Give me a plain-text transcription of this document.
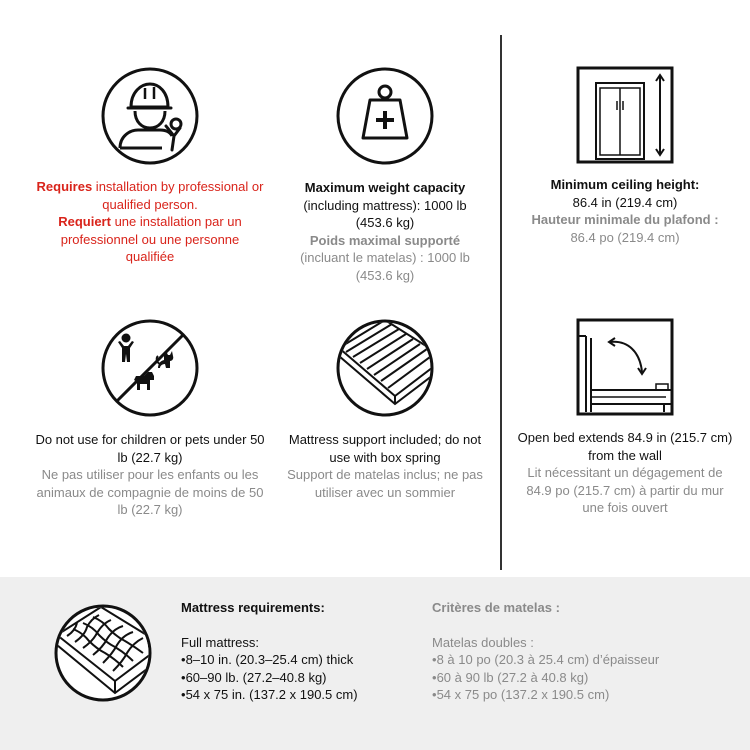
Requires installation by professional or qualified person.
Requiert une installation par un professionnel ou une personne qualifiée
Maximum weight capacity
(including mattress): 1000 lb (453.6 kg)
Poids maximal supporté
(incluant le matelas) : 1000 lb (453.6 kg)
Minimum ceiling height:
86.4 in (219.4 cm)
Hauteur minimale du plafond :
86.4 po (219.4 cm)
Do not use for children or pets under 50 lb (22.7 kg)
Ne pas utiliser pour les enfants ou les animaux de compagnie de moins de 50 lb (22.7 kg)
Mattress support included; do not use with box spring
Support de matelas inclus; ne pas utiliser avec un sommier
Open bed extends 84.9 in (215.7 cm) from the wall
Lit nécessitant un dégagement de 84.9 po (215.7 cm) à partir du mur une fois ouvert
Mattress requirements:
Full mattress:
• 8–10 in. (20.3–25.4 cm) thick
• 60–90 lb. (27.2–40.8 kg)
• 54 x 75 in. (137.2 x 190.5 cm)
Critères de matelas :
Matelas doubles :
• 8 à 10 po (20.3 à 25.4 cm) d’épaisseur
• 60 à 90 lb (27.2 à 40.8 kg)
• 54 x 75 po (137.2 x 190.5 cm)
